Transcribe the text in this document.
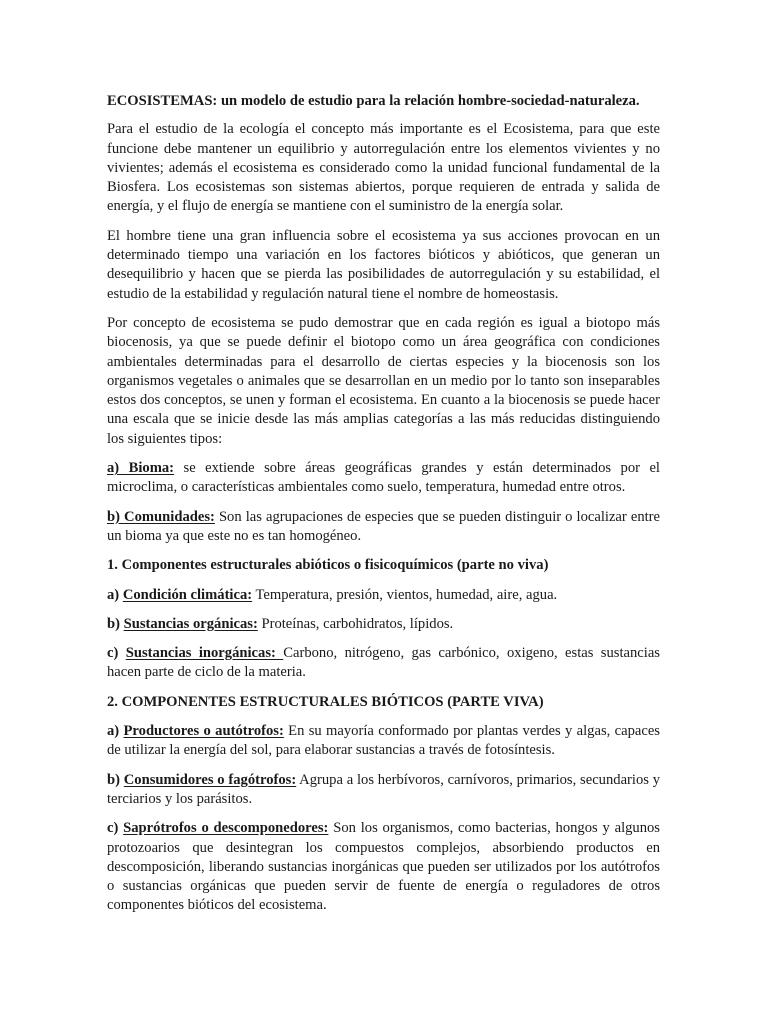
ECOSISTEMAS: un modelo de estudio para la relación hombre-sociedad-naturaleza.

Para el estudio de la ecología el concepto más importante es el Ecosistema, para que este funcione debe mantener un equilibrio y autorregulación entre los elementos vivientes y no vivientes; además el ecosistema es considerado como la unidad funcional fundamental de la Biosfera. Los ecosistemas son sistemas abiertos, porque requieren de entrada y salida de energía, y el flujo de energía se mantiene con el suministro de la energía solar.

El hombre tiene una gran influencia sobre el ecosistema ya sus acciones provocan en un determinado tiempo una variación en los factores bióticos y abióticos, que generan un desequilibrio y hacen que se pierda las posibilidades de autorregulación y su estabilidad, el estudio de la estabilidad y regulación natural tiene el nombre de homeostasis.

Por concepto de ecosistema se pudo demostrar que en cada región es igual a biotopo más biocenosis, ya que se puede definir el biotopo como un área geográfica con condiciones ambientales determinadas para el desarrollo de ciertas especies y la biocenosis son los organismos vegetales o animales que se desarrollan en un medio por lo tanto son inseparables estos dos conceptos, se unen y forman el ecosistema. En cuanto a la biocenosis se puede hacer una escala que se inicie desde las más amplias categorías a las más reducidas distinguiendo los siguientes tipos:

a) Bioma: se extiende sobre áreas geográficas grandes y están determinados por el microclima, o características ambientales como suelo, temperatura, humedad entre otros.

b) Comunidades: Son las agrupaciones de especies que se pueden distinguir o localizar entre un bioma ya que este no es tan homogéneo.

1. Componentes estructurales abióticos o fisicoquímicos (parte no viva)

a) Condición climática: Temperatura, presión, vientos, humedad, aire, agua.

b) Sustancias orgánicas: Proteínas, carbohidratos, lípidos.

c) Sustancias inorgánicas: Carbono, nitrógeno, gas carbónico, oxigeno, estas sustancias hacen parte de ciclo de la materia.

2. COMPONENTES ESTRUCTURALES BIÓTICOS (PARTE VIVA)

a) Productores o autótrofos: En su mayoría conformado por plantas verdes y algas, capaces de utilizar la energía del sol, para elaborar sustancias a través de fotosíntesis.

b) Consumidores o fagótrofos: Agrupa a los herbívoros, carnívoros, primarios, secundarios y terciarios y los parásitos.

c) Saprótrofos o descomponedores: Son los organismos, como bacterias, hongos y algunos protozoarios que desintegran los compuestos complejos, absorbiendo productos en descomposición, liberando sustancias inorgánicas que pueden ser utilizados por los autótrofos o sustancias orgánicas que pueden servir de fuente de energía o reguladores de otros componentes bióticos del ecosistema.
